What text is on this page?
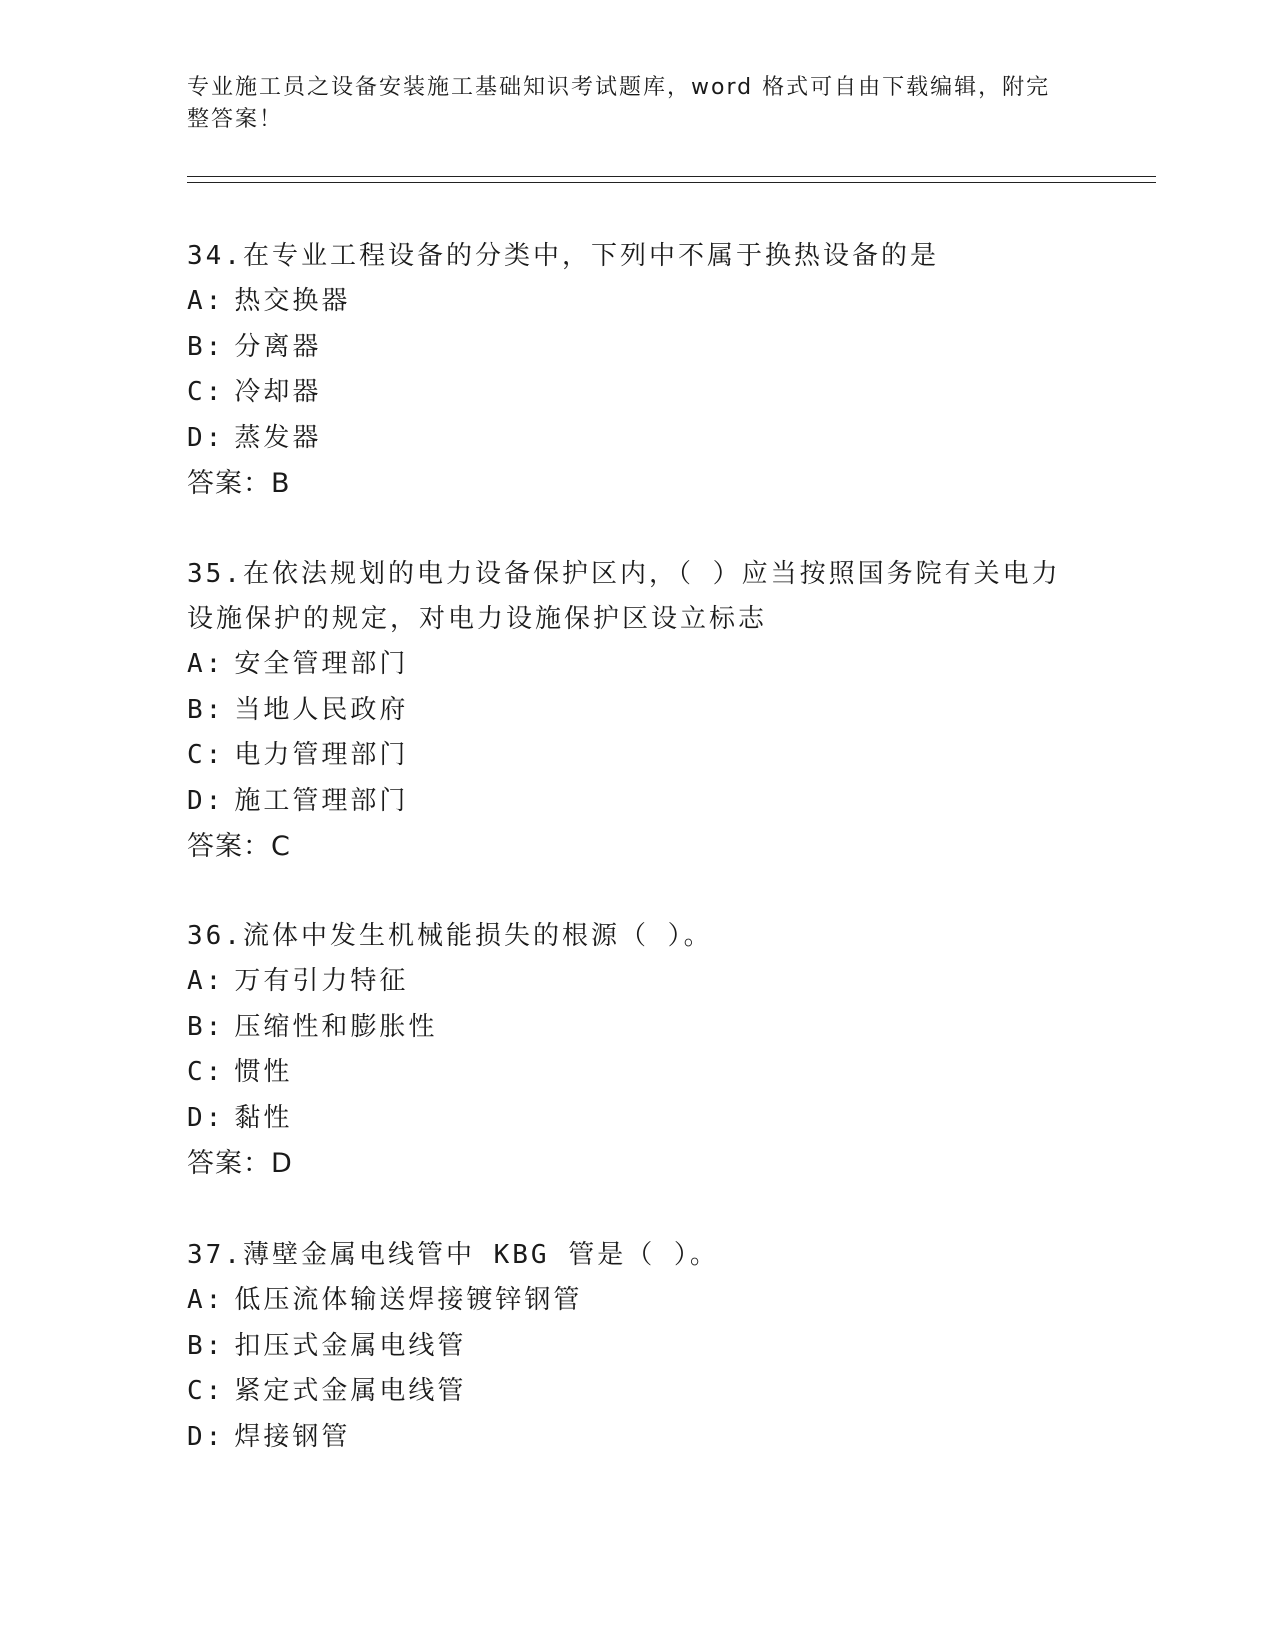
专业施工员之设备安装施工基础知识考试题库，word 格式可自由下载编辑，附完整答案！

34.在专业工程设备的分类中，下列中不属于换热设备的是

A: 热交换器

B: 分离器

C: 冷却器

D: 蒸发器

答案：B

35.在依法规划的电力设备保护区内，（ ）应当按照国务院有关电力设施保护的规定，对电力设施保护区设立标志

A: 安全管理部门

B: 当地人民政府

C: 电力管理部门

D: 施工管理部门

答案：C

36.流体中发生机械能损失的根源（ ）。

A: 万有引力特征

B: 压缩性和膨胀性

C: 惯性

D: 黏性

答案：D

37.薄壁金属电线管中 KBG 管是（ ）。

A: 低压流体输送焊接镀锌钢管

B: 扣压式金属电线管

C: 紧定式金属电线管

D: 焊接钢管
